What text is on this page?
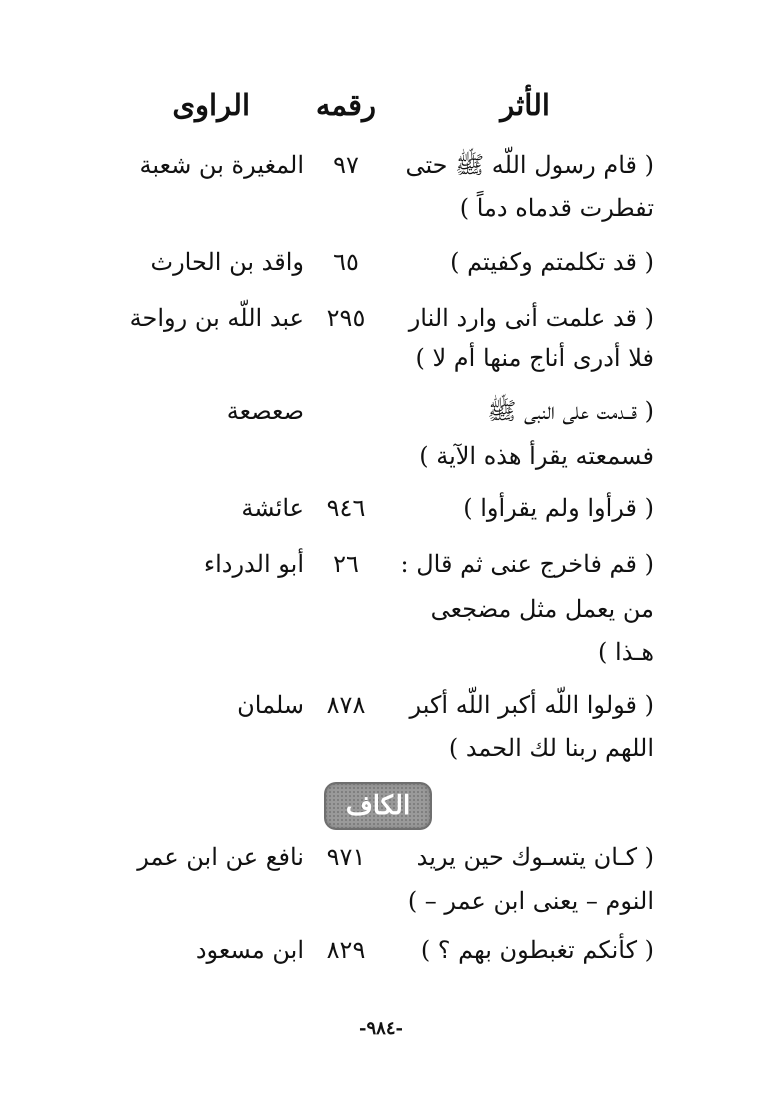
الأثر
رقمه
الراوى
( قام رسول اللّه ﷺ حتى
٩٧
المغيرة بن شعبة
تفطرت قدماه دماً )
( قد تكلمتم وكفيتم )
٦٥
واقد بن الحارث
( قد علمت أنى وارد النار
٢٩٥
عبد اللّه بن رواحة
فلا أدرى أناج منها أم لا )
( قــدمت على النبى ﷺ
صعصعة
فسمعته يقرأ هذه الآية )
( قرأوا ولم يقرأوا )
٩٤٦
عائشة
( قم فاخرج عنى ثم قال :
٢٦
أبو الدرداء
من يعمل مثل مضجعى
هـذا )
( قولوا اللّه أكبر اللّه أكبر
٨٧٨
سلمان
اللهم ربنا لك الحمد )
الكاف
( كـان يتسـوك حين يريد
٩٧١
نافع عن ابن عمر
النوم – يعنى ابن عمر – )
( كأنكم تغبطون بهم ؟ )
٨٢٩
ابن مسعود
-٩٨٤-
